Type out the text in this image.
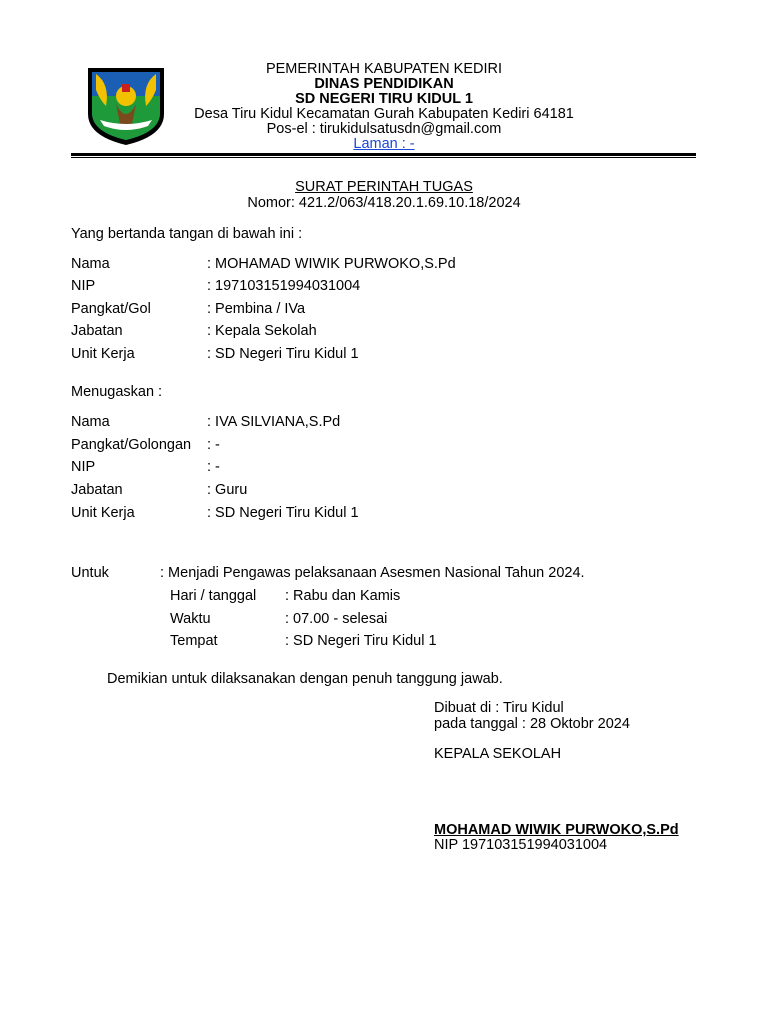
PEMERINTAH KABUPATEN KEDIRI
DINAS PENDIDIKAN
SD NEGERI TIRU KIDUL 1
Desa Tiru Kidul Kecamatan Gurah Kabupaten Kediri 64181
Pos-el : tirukidulsatusdn@gmail.com
Laman : -
SURAT PERINTAH TUGAS
Nomor: 421.2/063/418.20.1.69.10.18/2024
Yang bertanda tangan di bawah ini :
Nama	: MOHAMAD WIWIK PURWOKO,S.Pd
NIP	: 197103151994031004
Pangkat/Gol	: Pembina / IVa
Jabatan	: Kepala Sekolah
Unit Kerja	: SD Negeri Tiru Kidul 1
Menugaskan :
Nama	: IVA SILVIANA,S.Pd
Pangkat/Golongan : -
NIP	: -
Jabatan	: Guru
Unit Kerja	: SD Negeri Tiru Kidul 1
Untuk	: Menjadi Pengawas pelaksanaan Asesmen Nasional Tahun 2024.
Hari / tanggal : Rabu dan Kamis
Waktu	: 07.00 - selesai
Tempat	: SD Negeri Tiru Kidul 1
Demikian untuk dilaksanakan dengan penuh tanggung jawab.
Dibuat di : Tiru Kidul
pada tanggal : 28 Oktobr 2024
KEPALA SEKOLAH
MOHAMAD WIWIK PURWOKO,S.Pd
NIP 197103151994031004
